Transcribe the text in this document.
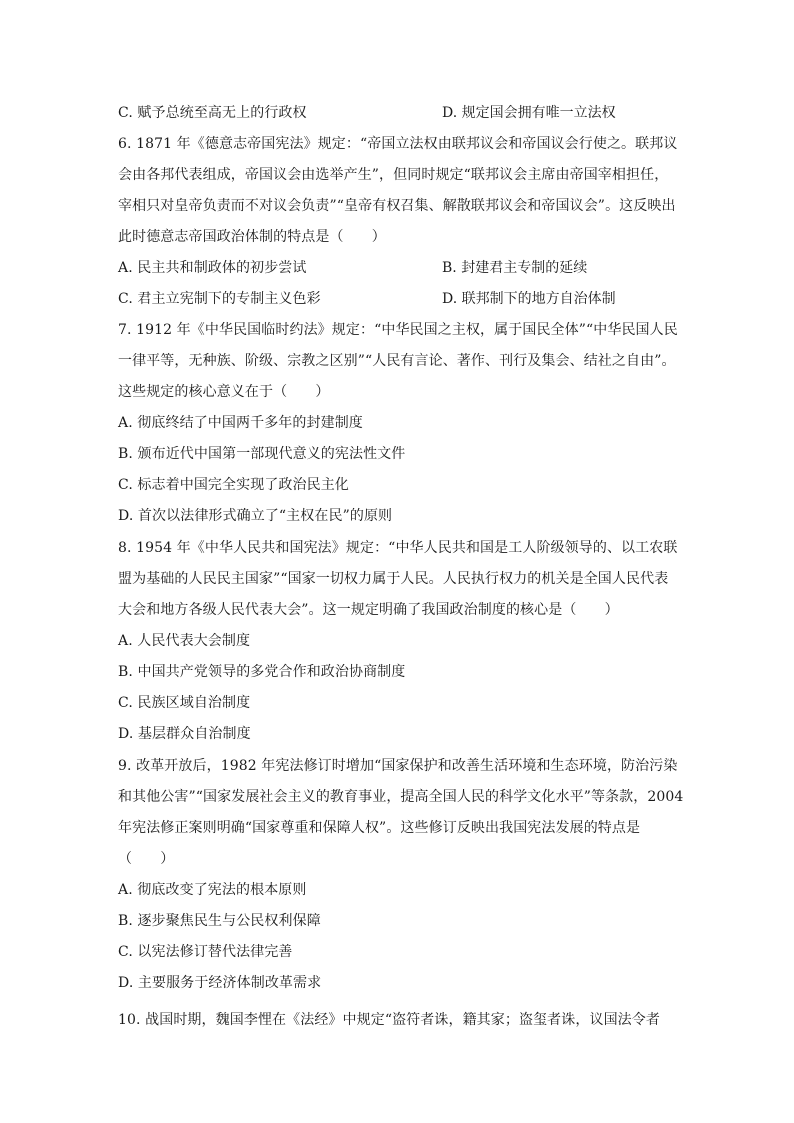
C. 赋予总统至高无上的行政权	D. 规定国会拥有唯一立法权
6. 1871 年《德意志帝国宪法》规定：“帝国立法权由联邦议会和帝国议会行使之。联邦议
会由各邦代表组成，帝国议会由选举产生”，但同时规定“联邦议会主席由帝国宰相担任，
宰相只对皇帝负责而不对议会负责”“皇帝有权召集、解散联邦议会和帝国议会”。这反映出
此时德意志帝国政治体制的特点是（　　）
A. 民主共和制政体的初步尝试	B. 封建君主专制的延续
C. 君主立宪制下的专制主义色彩	D. 联邦制下的地方自治体制
7. 1912 年《中华民国临时约法》规定：“中华民国之主权，属于国民全体”“中华民国人民
一律平等，无种族、阶级、宗教之区别”“人民有言论、著作、刊行及集会、结社之自由”。
这些规定的核心意义在于（　　）
A. 彻底终结了中国两千多年的封建制度
B. 颁布近代中国第一部现代意义的宪法性文件
C. 标志着中国完全实现了政治民主化
D. 首次以法律形式确立了“主权在民”的原则
8. 1954 年《中华人民共和国宪法》规定：“中华人民共和国是工人阶级领导的、以工农联
盟为基础的人民民主国家”“国家一切权力属于人民。人民执行权力的机关是全国人民代表
大会和地方各级人民代表大会”。这一规定明确了我国政治制度的核心是（　　）
A. 人民代表大会制度
B. 中国共产党领导的多党合作和政治协商制度
C. 民族区域自治制度
D. 基层群众自治制度
9. 改革开放后，1982 年宪法修订时增加“国家保护和改善生活环境和生态环境，防治污染
和其他公害”“国家发展社会主义的教育事业，提高全国人民的科学文化水平”等条款，2004
年宪法修正案则明确“国家尊重和保障人权”。这些修订反映出我国宪法发展的特点是
（　　）
A. 彻底改变了宪法的根本原则
B. 逐步聚焦民生与公民权利保障
C. 以宪法修订替代法律完善
D. 主要服务于经济体制改革需求
10. 战国时期，魏国李悝在《法经》中规定“盗符者诛，籍其家；盗玺者诛，议国法令者
